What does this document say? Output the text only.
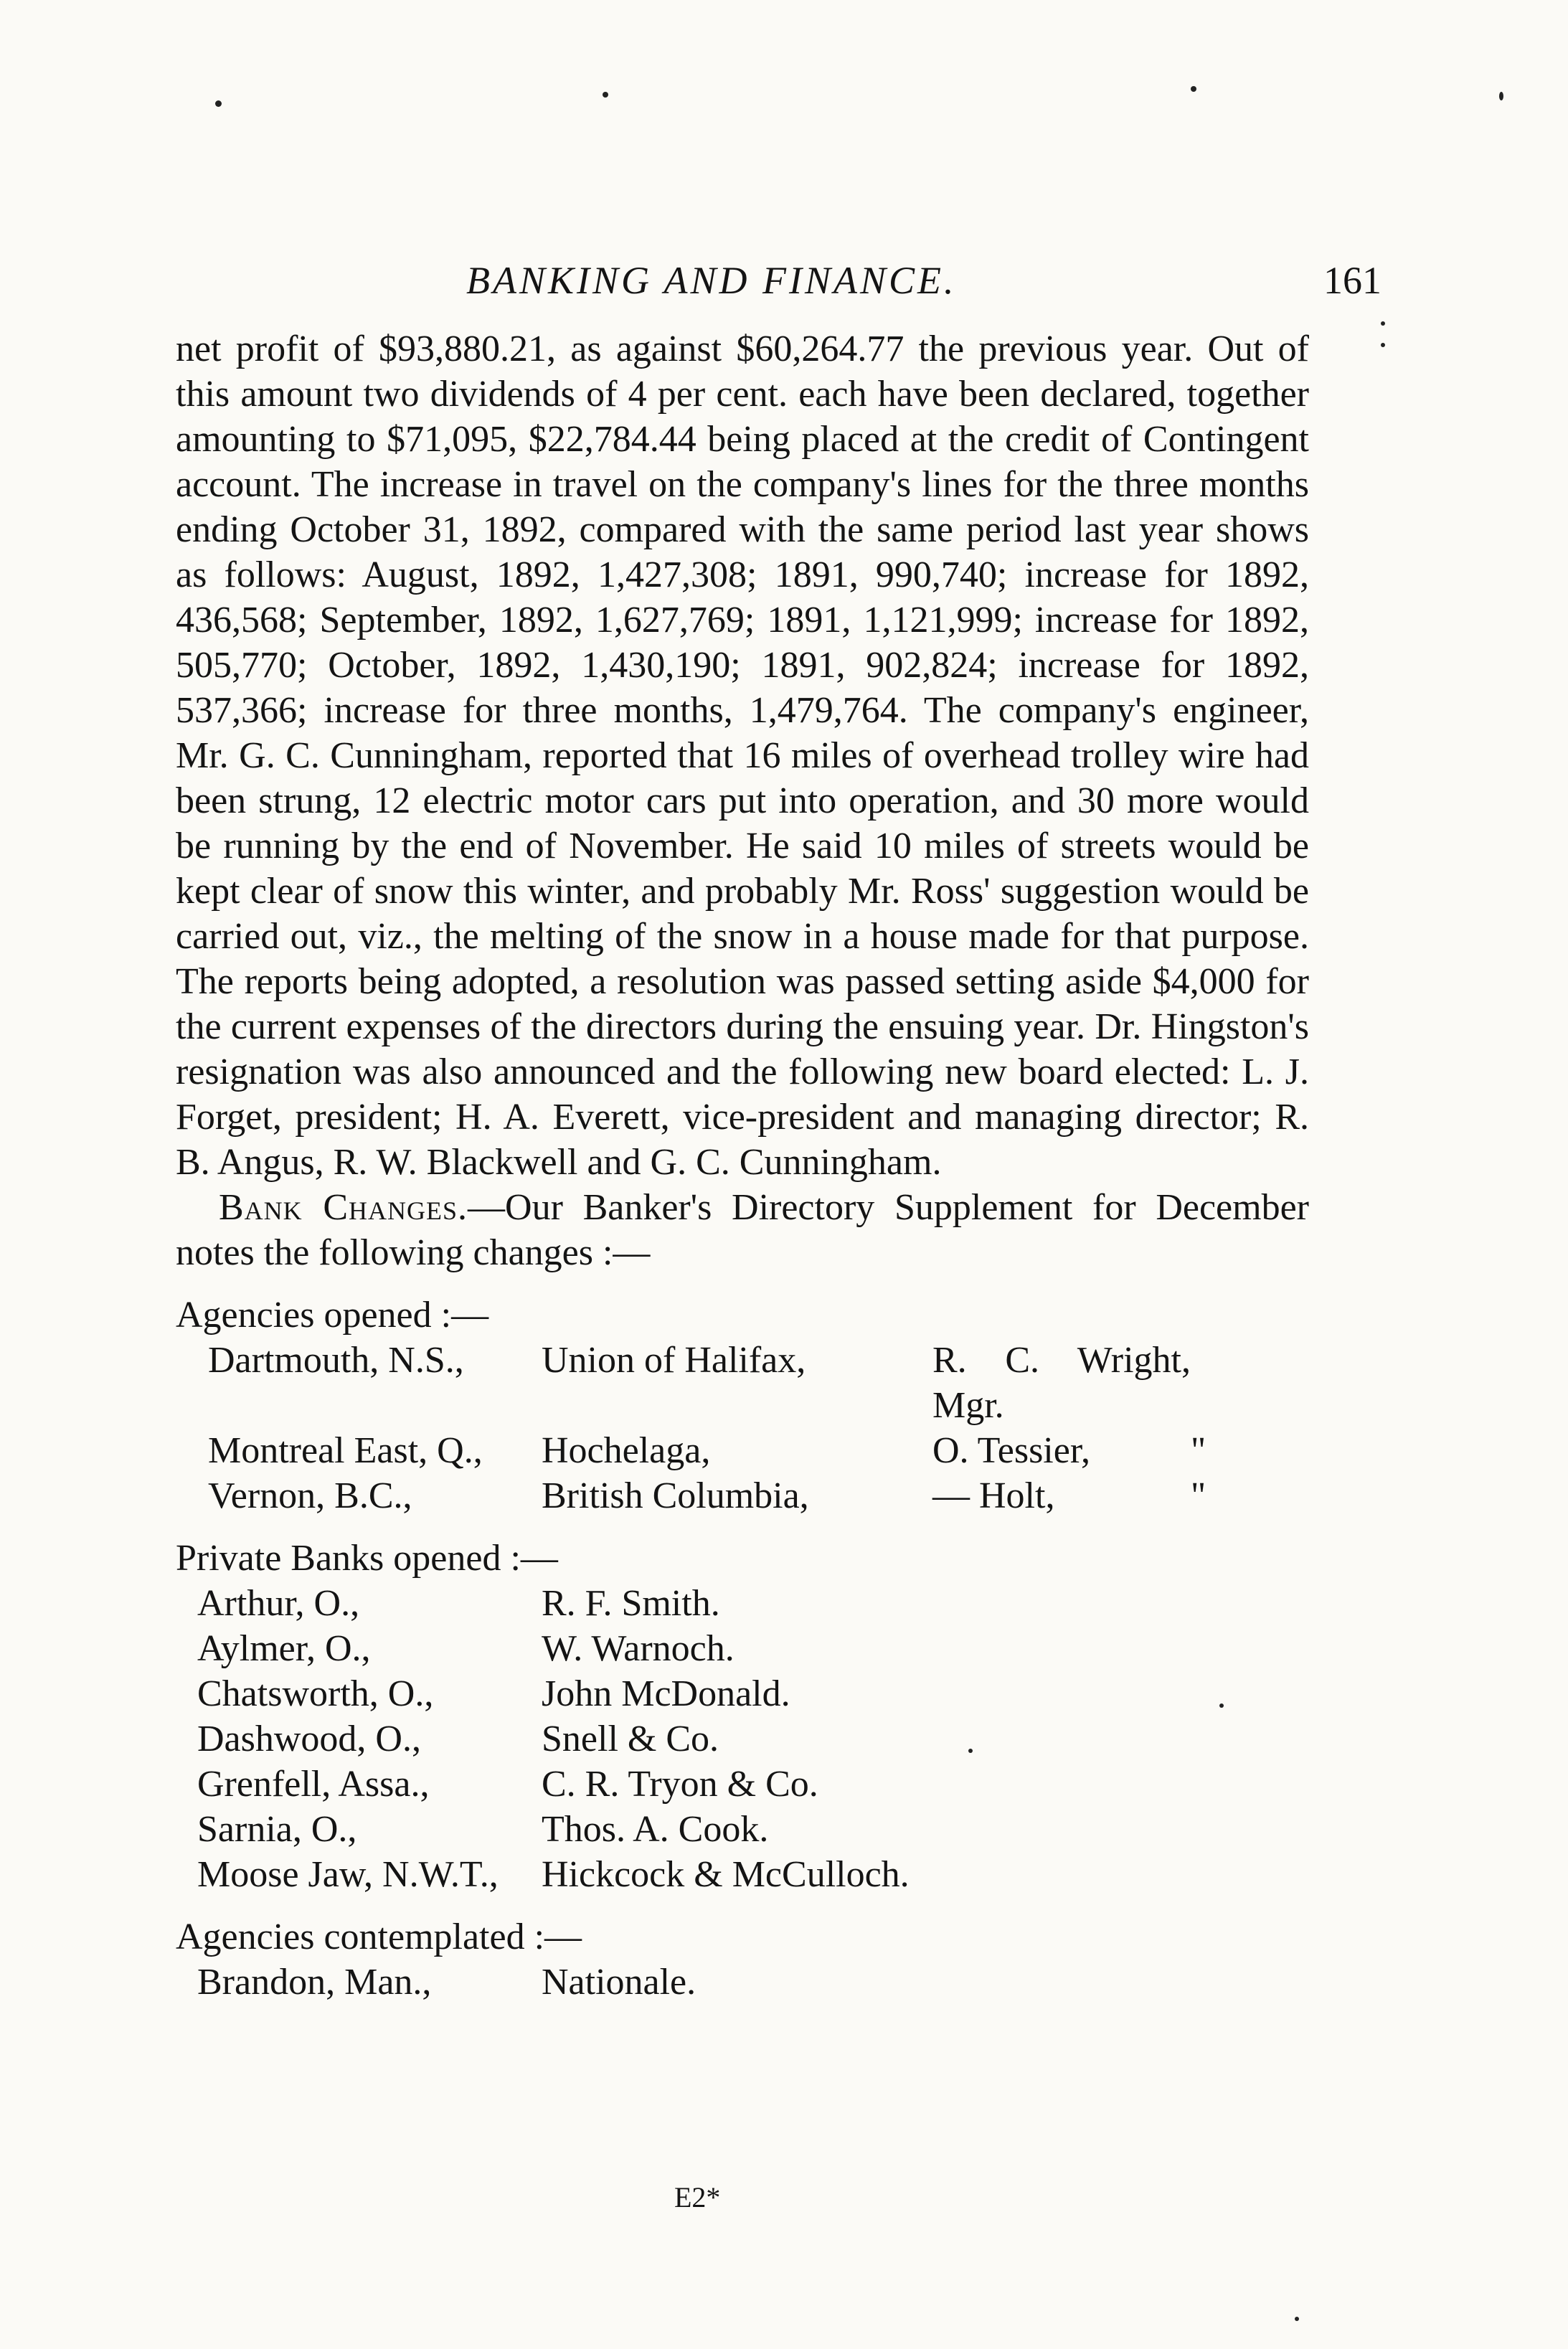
BANKING AND FINANCE.	161

net profit of $93,880.21, as against $60,264.77 the previous year. Out of this amount two dividends of 4 per cent. each have been declared, together amounting to $71,095, $22,784.44 being placed at the credit of Contingent account. The increase in travel on the company's lines for the three months ending October 31, 1892, compared with the same period last year shows as follows: August, 1892, 1,427,308; 1891, 990,740; increase for 1892, 436,568; September, 1892, 1,627,769; 1891, 1,121,999; increase for 1892, 505,770; October, 1892, 1,430,190; 1891, 902,824; increase for 1892, 537,366; increase for three months, 1,479,764. The company's engineer, Mr. G. C. Cunningham, reported that 16 miles of overhead trolley wire had been strung, 12 electric motor cars put into operation, and 30 more would be running by the end of November. He said 10 miles of streets would be kept clear of snow this winter, and probably Mr. Ross' suggestion would be carried out, viz., the melting of the snow in a house made for that purpose. The reports being adopted, a resolution was passed setting aside $4,000 for the current expenses of the directors during the ensuing year. Dr. Hingston's resignation was also announced and the following new board elected: L. J. Forget, president; H. A. Everett, vice-president and managing director; R. B. Angus, R. W. Blackwell and G. C. Cunningham.

Bank Changes.—Our Banker's Directory Supplement for December notes the following changes :—

Agencies opened :—
Dartmouth, N.S.,	Union of Halifax,	R. C. Wright, Mgr.
Montreal East, Q.,	Hochelaga,	O. Tessier,	"
Vernon, B.C.,	British Columbia,	— Holt,	"
Private Banks opened :—
Arthur, O.,	R. F. Smith.
Aylmer, O.,	W. Warnoch.
Chatsworth, O.,	John McDonald.
Dashwood, O.,	Snell & Co.
Grenfell, Assa.,	C. R. Tryon & Co.
Sarnia, O.,	Thos. A. Cook.
Moose Jaw, N.W.T.,	Hickcock & McCulloch.
Agencies contemplated :—
Brandon, Man.,	Nationale.
E2*
